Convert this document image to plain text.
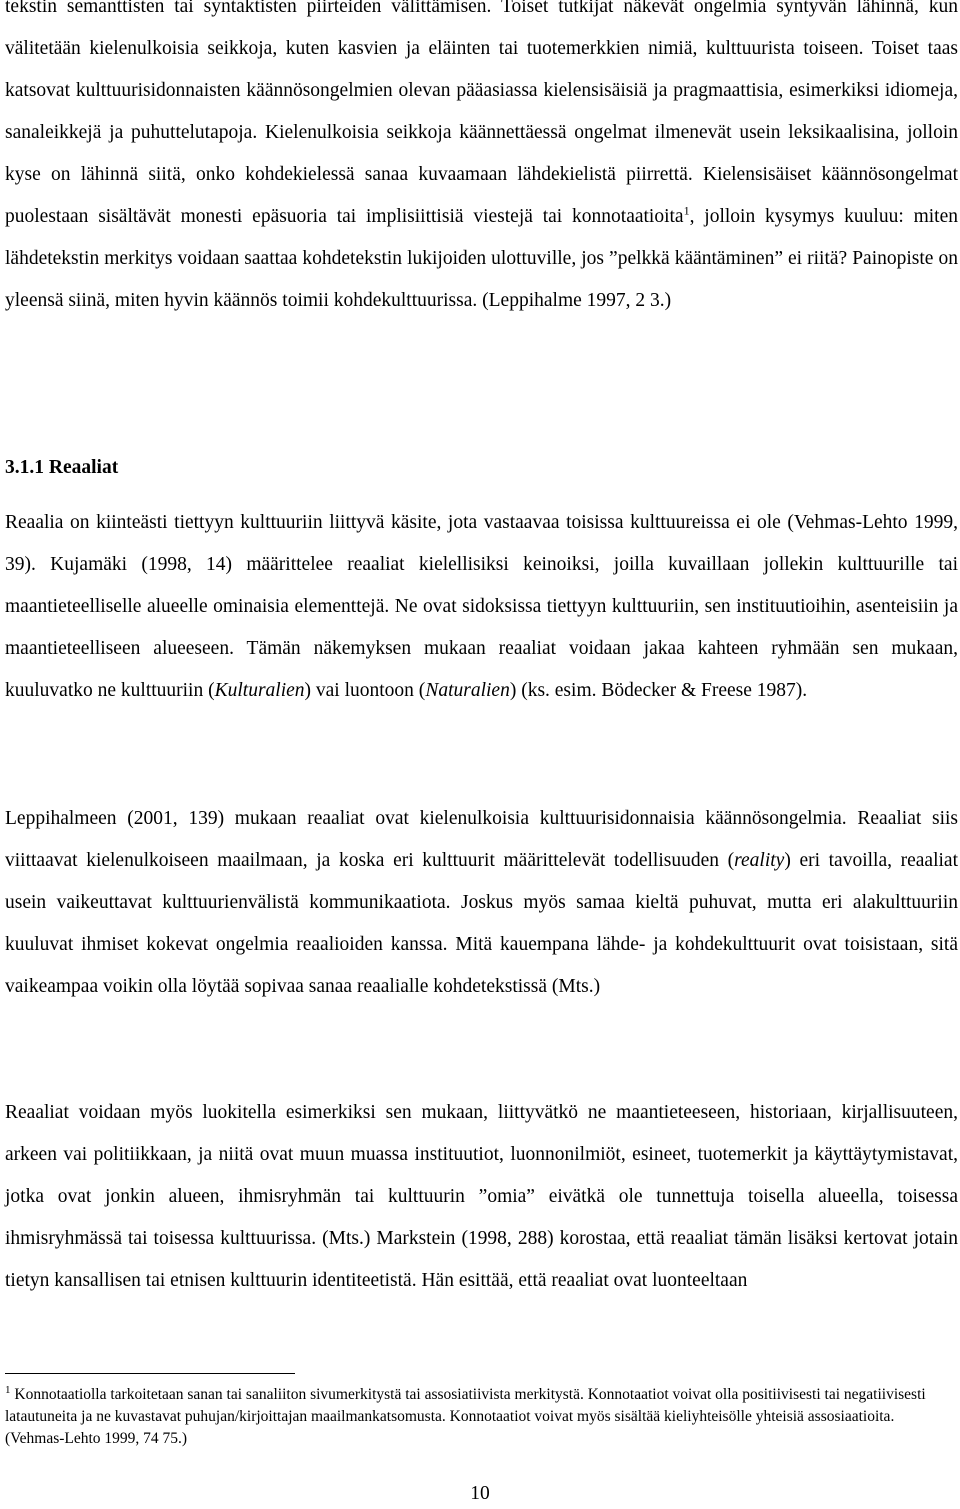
tekstin semanttisten tai syntaktisten piirteiden välittämisen. Toiset tutkijat näkevät ongelmia syntyvän lähinnä, kun välitetään kielenulkoisia seikkoja, kuten kasvien ja eläinten tai tuotemerkkien nimiä, kulttuurista toiseen. Toiset taas katsovat kulttuurisidonnaisten käännösongelmien olevan pääasiassa kielensisäisiä ja pragmaattisia, esimerkiksi idiomeja, sanaleikkejä ja puhuttelutapoja. Kielenulkoisia seikkoja käännettäessä ongelmat ilmenevät usein leksikaalisina, jolloin kyse on lähinnä siitä, onko kohdekielessä sanaa kuvaamaan lähdekielistä piirrettä. Kielensisäiset käännösongelmat puolestaan sisältävät monesti epäsuoria tai implisiittisiä viestejä tai konnotaatioita$^1$, jolloin kysymys kuuluu: miten lähdetekstin merkitys voidaan saattaa kohdetekstin lukijoiden ulottuville, jos ”pelkkä kääntäminen” ei riitä? Painopiste on yleensä siinä, miten hyvin käännös toimii kohdekulttuurissa. (Leppihalme 1997, 2 3.)

3.1.1 Reaaliat

Reaalia on kiinteästi tiettyyn kulttuuriin liittyvä käsite, jota vastaavaa toisissa kulttuureissa ei ole (Vehmas-Lehto 1999, 39). Kujamäki (1998, 14) määrittelee reaaliat kielellisiksi keinoiksi, joilla kuvaillaan jollekin kulttuurille tai maantieteelliselle alueelle ominaisia elementtejä. Ne ovat sidoksissa tiettyyn kulttuuriin, sen instituutioihin, asenteisiin ja maantieteelliseen alueeseen. Tämän näkemyksen mukaan reaaliat voidaan jakaa kahteen ryhmään sen mukaan, kuuluvatko ne kulttuuriin (Kulturalien) vai luontoon (Naturalien) (ks. esim. Bödecker & Freese 1987).

Leppihalmeen (2001, 139) mukaan reaaliat ovat kielenulkoisia kulttuurisidonnaisia käännösongelmia. Reaaliat siis viittaavat kielenulkoiseen maailmaan, ja koska eri kulttuurit määrittelevät todellisuuden (reality) eri tavoilla, reaaliat usein vaikeuttavat kulttuurienvälistä kommunikaatiota. Joskus myös samaa kieltä puhuvat, mutta eri alakulttuuriin kuuluvat ihmiset kokevat ongelmia reaalioiden kanssa. Mitä kauempana lähde- ja kohdekulttuurit ovat toisistaan, sitä vaikeampaa voikin olla löytää sopivaa sanaa reaalialle kohdetekstissä (Mts.)

Reaaliat voidaan myös luokitella esimerkiksi sen mukaan, liittyvätkö ne maantieteeseen, historiaan, kirjallisuuteen, arkeen vai politiikkaan, ja niitä ovat muun muassa instituutiot, luonnonilmiöt, esineet, tuotemerkit ja käyttäytymistavat, jotka ovat jonkin alueen, ihmisryhmän tai kulttuurin ”omia” eivätkä ole tunnettuja toisella alueella, toisessa ihmisryhmässä tai toisessa kulttuurissa. (Mts.) Markstein (1998, 288) korostaa, että reaaliat tämän lisäksi kertovat jotain tietyn kansallisen tai etnisen kulttuurin identiteetistä. Hän esittää, että reaaliat ovat luonteeltaan

$^1$ Konnotaatiolla tarkoitetaan sanan tai sanaliiton sivumerkitystä tai assosiatiivista merkitystä. Konnotaatiot voivat olla positiivisesti tai negatiivisesti latautuneita ja ne kuvastavat puhujan/kirjoittajan maailmankatsomusta. Konnotaatiot voivat myös sisältää kieliyhteisölle yhteisiä assosiaatioita. (Vehmas-Lehto 1999, 74 75.)

10
